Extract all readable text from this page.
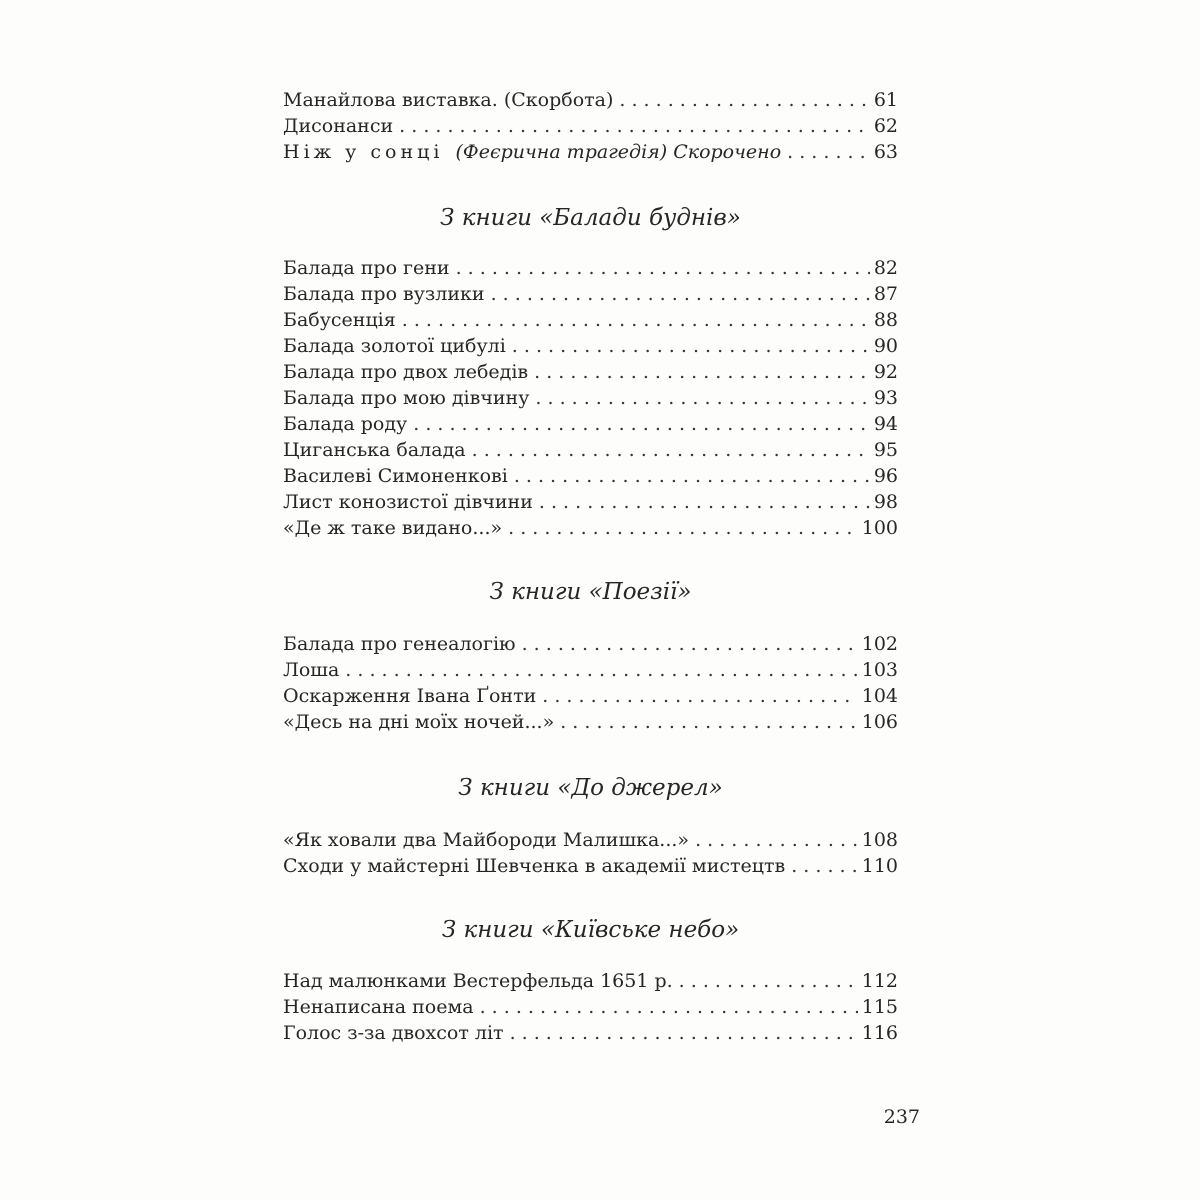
Манайлова виставка. (Скорбота) . . .	61
Дисонанси . . .	62
Ніж у сонці (Феєрична трагедія) Скорочено . . .	63
З книги «Балади буднів»
Балада про гени . . .	82
Балада про вузлики . . .	87
Бабусенція . . .	88
Балада золотої цибулі . . .	90
Балада про двох лебедів . . .	92
Балада про мою дівчину . . .	93
Балада роду . . .	94
Циганська балада . . .	95
Василеві Симоненкові . . .	96
Лист конозистої дівчини . . .	98
«Де ж таке видано...» . . .	100
З книги «Поезії»
Балада про генеалогію . . .	102
Лоша . . .	103
Оскарження Івана Ґонти . . .	104
«Десь на дні моїх ночей...» . . .	106
З книги «До джерел»
«Як ховали два Майбороди Малишка...» . . .	108
Сходи у майстерні Шевченка в академії мистецтв . . .	110
З книги «Київське небо»
Над малюнками Вестерфельда 1651 р. . . .	112
Ненаписана поема . . .	115
Голос з-за двохсот літ . . .	116
237
